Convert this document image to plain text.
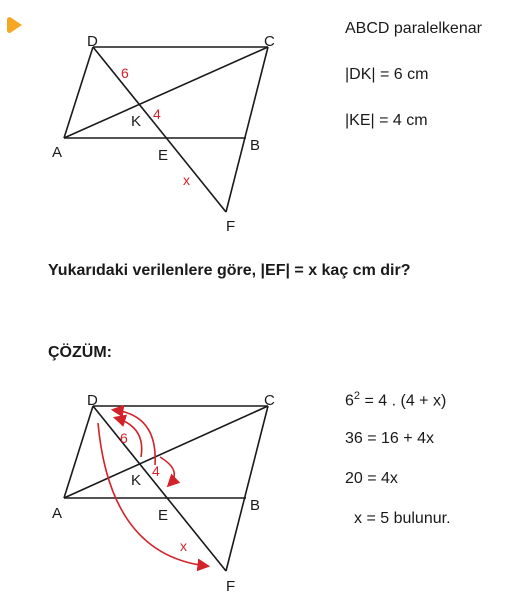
D	C
A	B
E
K
F
6
4
x
ABCD paralelkenar
|DK| = 6 cm
|KE| = 4 cm
Yukarıdaki verilenlere göre, |EF| = x kaç cm dir?
ÇÖZÜM:
D	C
A	B
E
K
F
6
4
x
$6^2 = 4$ . (4 + x)
36 = 16 + 4x
20 = 4x
x = 5 bulunur.
